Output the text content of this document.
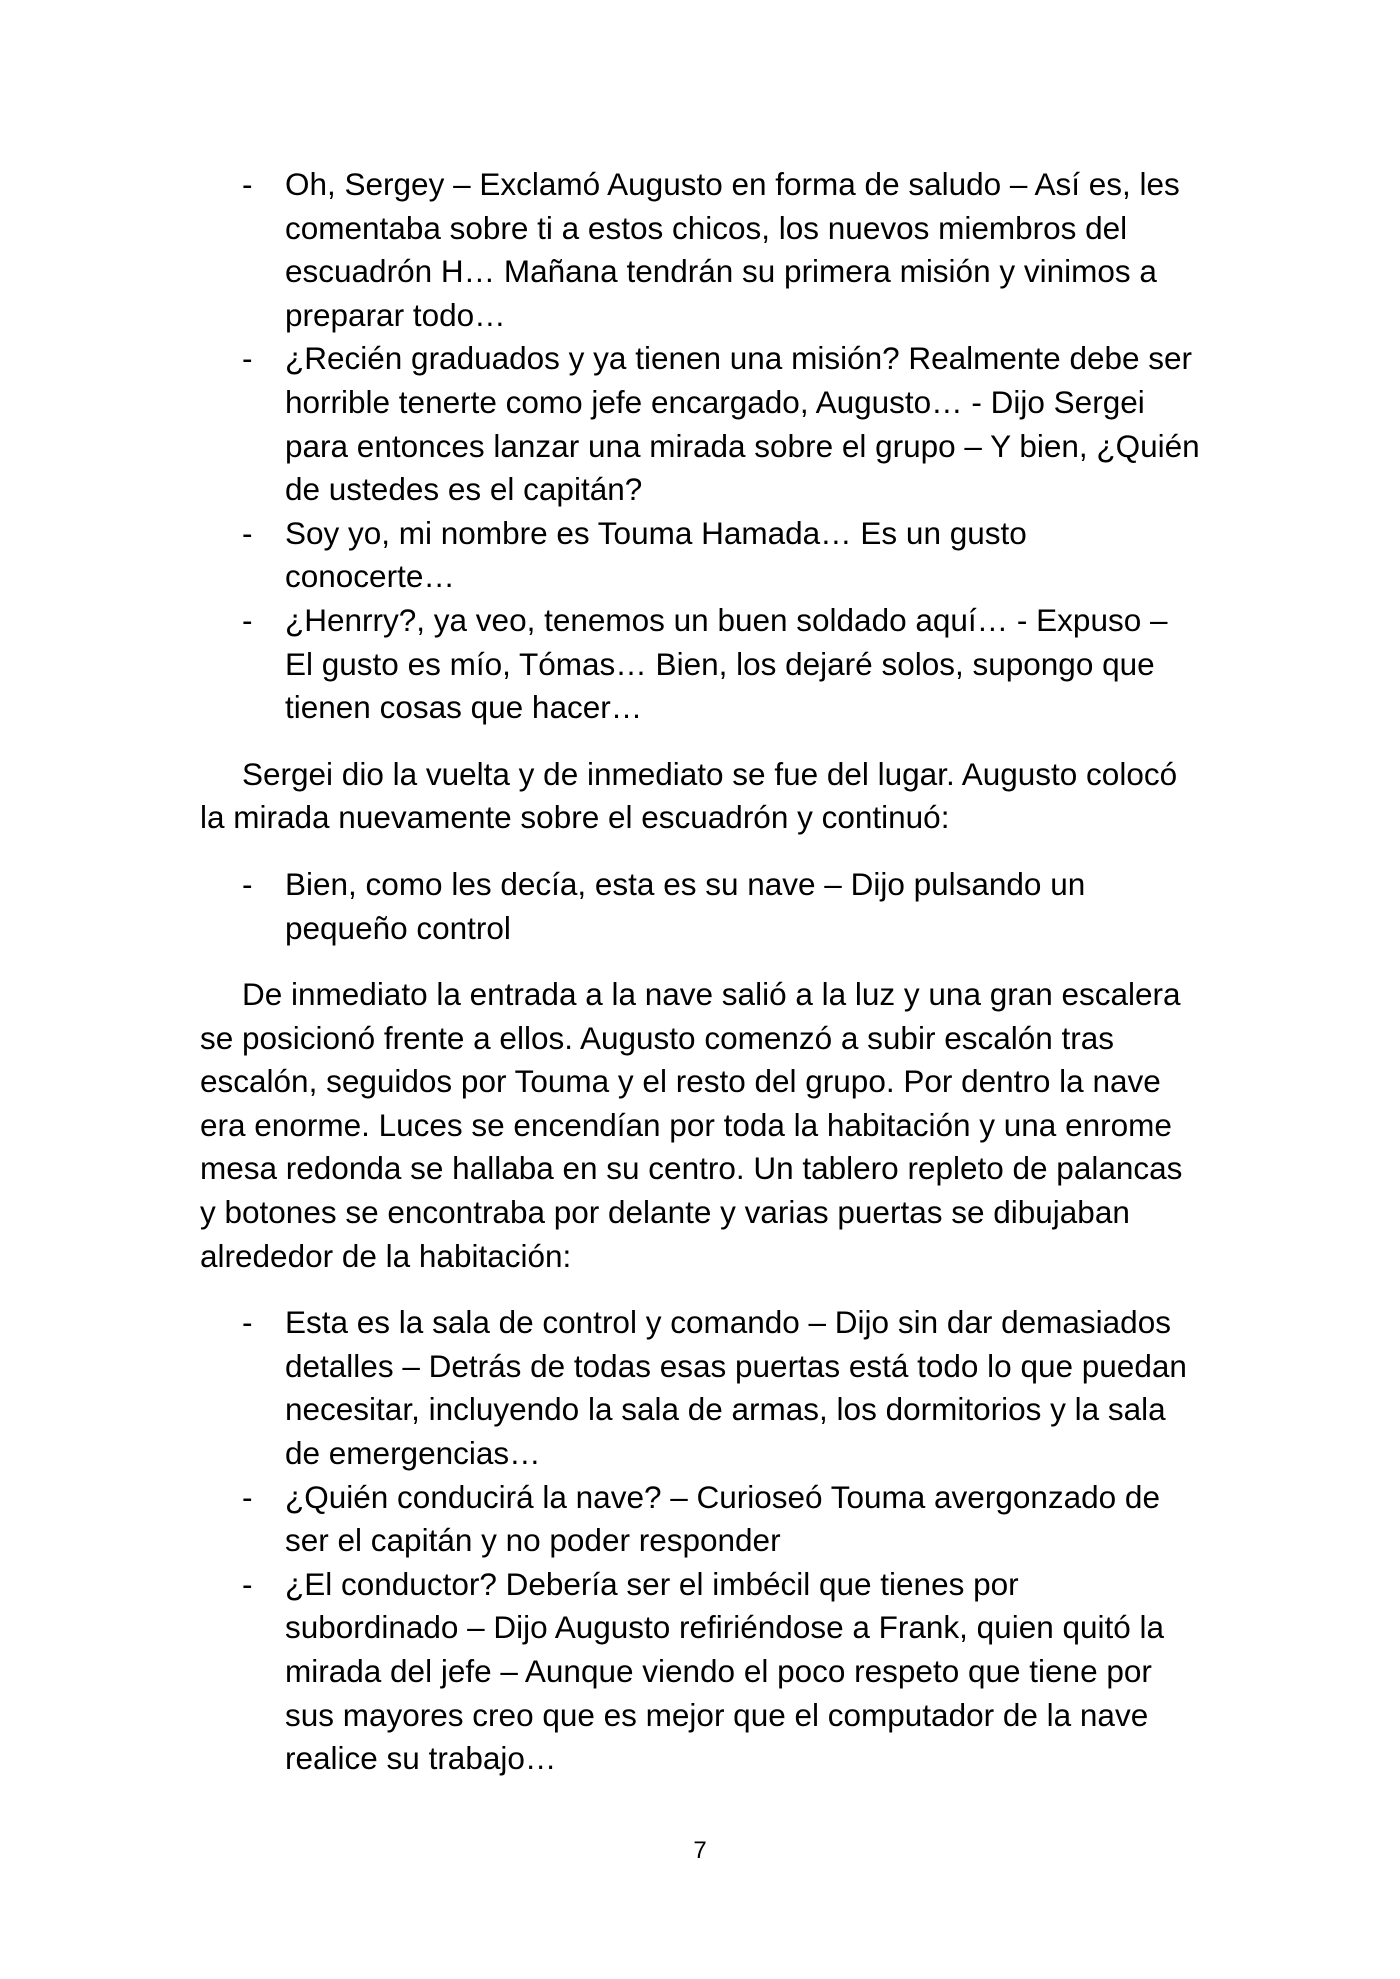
- Oh, Sergey – Exclamó Augusto en forma de saludo – Así es, les comentaba sobre ti a estos chicos, los nuevos miembros del escuadrón H… Mañana tendrán su primera misión y vinimos a preparar todo…
- ¿Recién graduados y ya tienen una misión? Realmente debe ser horrible tenerte como jefe encargado, Augusto… - Dijo Sergei para entonces lanzar una mirada sobre el grupo – Y bien, ¿Quién de ustedes es el capitán?
- Soy yo, mi nombre es Touma Hamada… Es un gusto conocerte…
- ¿Henrry?, ya veo, tenemos un buen soldado aquí… - Expuso – El gusto es mío, Tómas… Bien, los dejaré solos, supongo que tienen cosas que hacer…

Sergei dio la vuelta y de inmediato se fue del lugar. Augusto colocó la mirada nuevamente sobre el escuadrón y continuó:

- Bien, como les decía, esta es su nave – Dijo pulsando un pequeño control

De inmediato la entrada a la nave salió a la luz y una gran escalera se posicionó frente a ellos. Augusto comenzó a subir escalón tras escalón, seguidos por Touma y el resto del grupo. Por dentro la nave era enorme. Luces se encendían por toda la habitación y una enrome mesa redonda se hallaba en su centro. Un tablero repleto de palancas y botones se encontraba por delante y varias puertas se dibujaban alrededor de la habitación:

- Esta es la sala de control y comando – Dijo sin dar demasiados detalles – Detrás de todas esas puertas está todo lo que puedan necesitar, incluyendo la sala de armas, los dormitorios y la sala de emergencias…
- ¿Quién conducirá la nave? – Curioseó Touma avergonzado de ser el capitán y no poder responder
- ¿El conductor? Debería ser el imbécil que tienes por subordinado – Dijo Augusto refiriéndose a Frank, quien quitó la mirada del jefe – Aunque viendo el poco respeto que tiene por sus mayores creo que es mejor que el computador de la nave realice su trabajo…
7
